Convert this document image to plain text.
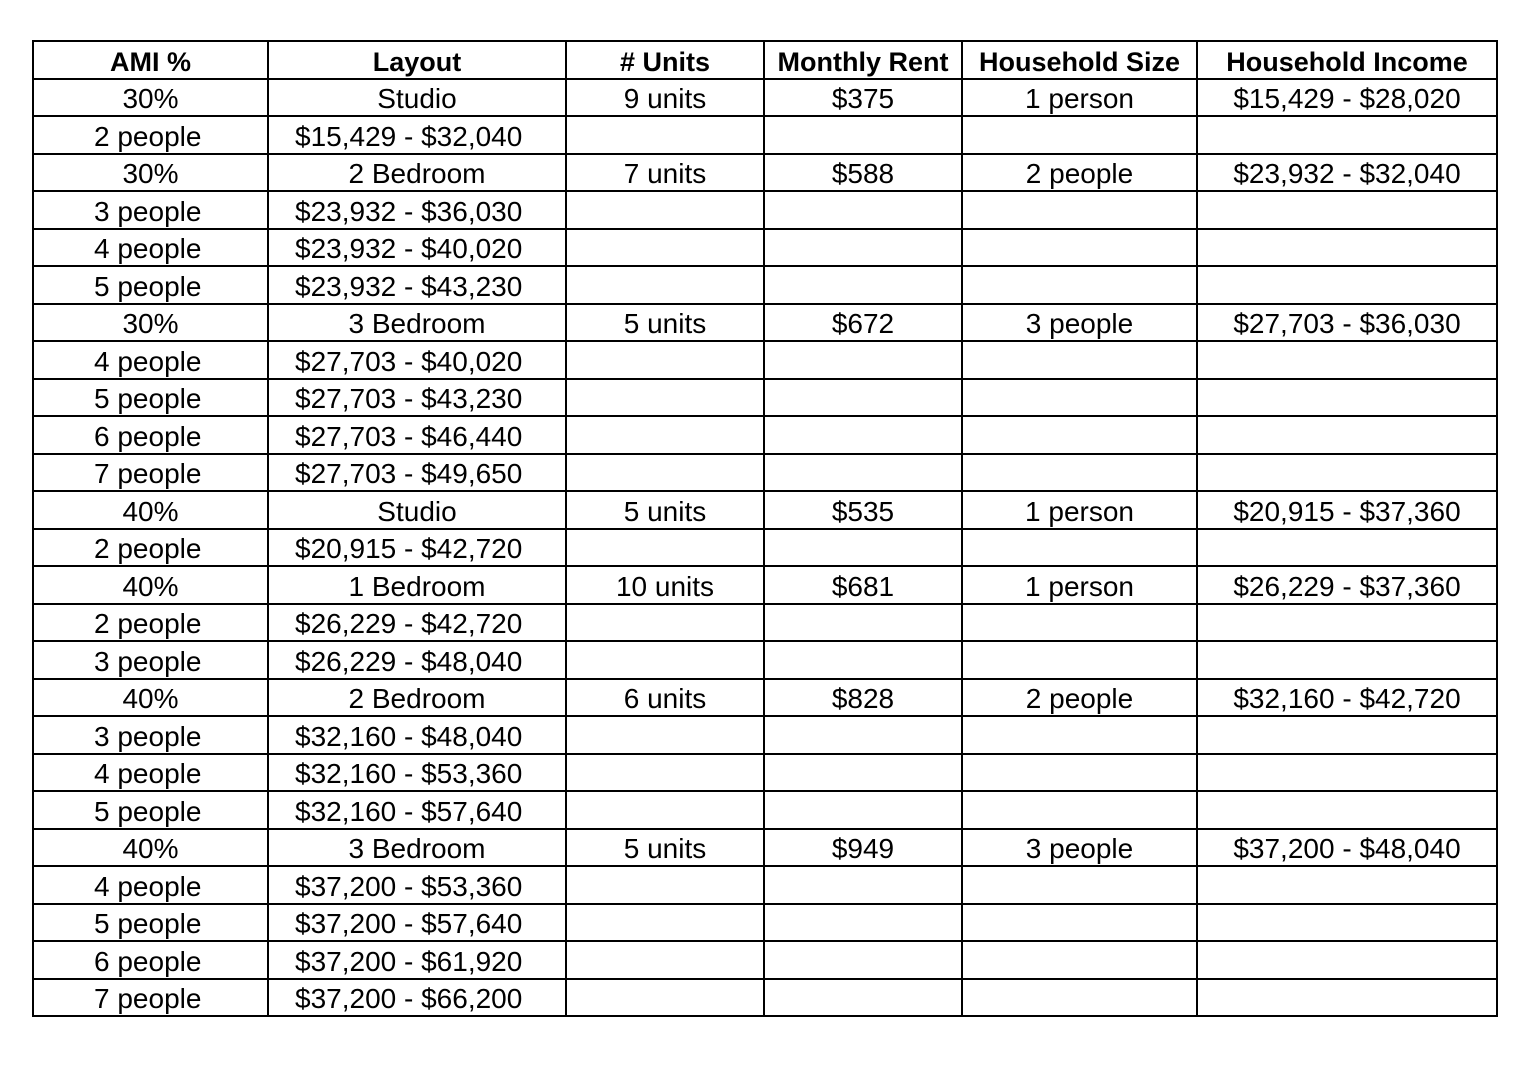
AMI %	Layout	# Units	Monthly Rent	Household Size	Household Income
30%	Studio	9 units	$375	1 person	$15,429 - $28,020
2 people	$15,429 - $32,040				
30%	2 Bedroom	7 units	$588	2 people	$23,932 - $32,040
3 people	$23,932 - $36,030				
4 people	$23,932 - $40,020				
5 people	$23,932 - $43,230				
30%	3 Bedroom	5 units	$672	3 people	$27,703 - $36,030
4 people	$27,703 - $40,020				
5 people	$27,703 - $43,230				
6 people	$27,703 - $46,440				
7 people	$27,703 - $49,650				
40%	Studio	5 units	$535	1 person	$20,915 - $37,360
2 people	$20,915 - $42,720				
40%	1 Bedroom	10 units	$681	1 person	$26,229 - $37,360
2 people	$26,229 - $42,720				
3 people	$26,229 - $48,040				
40%	2 Bedroom	6 units	$828	2 people	$32,160 - $42,720
3 people	$32,160 - $48,040				
4 people	$32,160 - $53,360				
5 people	$32,160 - $57,640				
40%	3 Bedroom	5 units	$949	3 people	$37,200 - $48,040
4 people	$37,200 - $53,360				
5 people	$37,200 - $57,640				
6 people	$37,200 - $61,920				
7 people	$37,200 - $66,200				
